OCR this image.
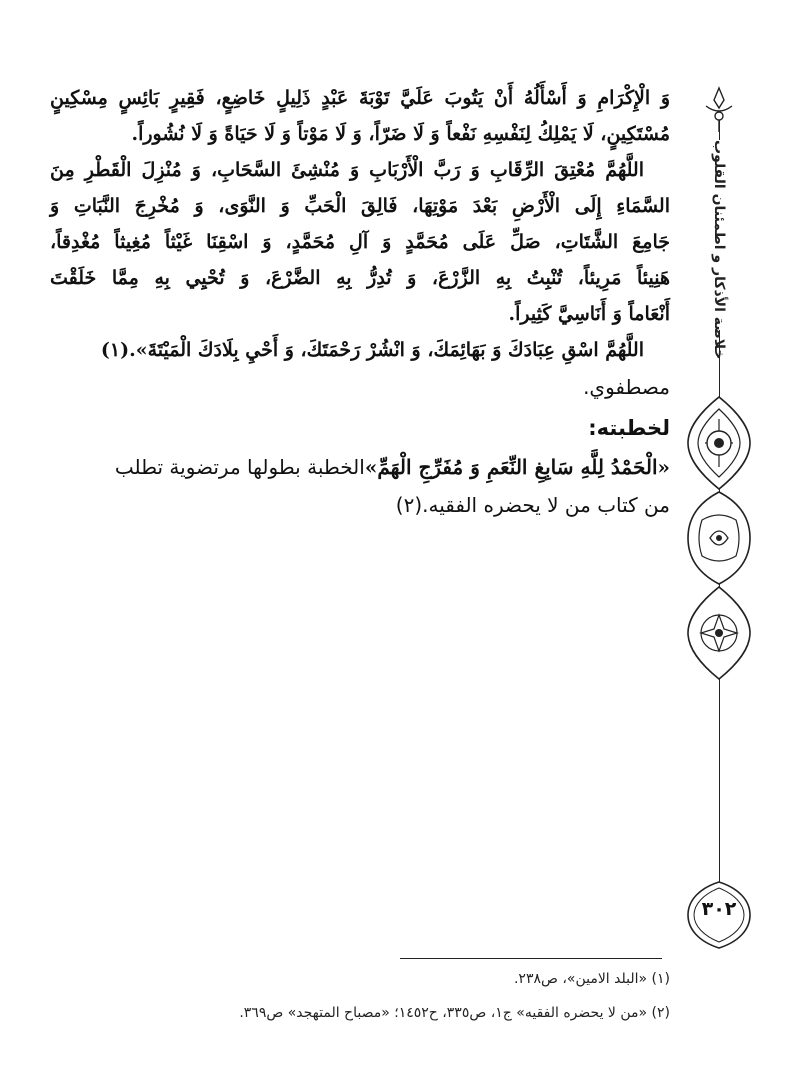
خلاصة الأذكار و اطمئنان القلوب
٣٠٢

وَ الْإِكْرَامِ وَ أَسْأَلُهُ أَنْ يَتُوبَ عَلَيَّ تَوْبَةَ عَبْدٍ ذَلِيلٍ خَاضِعٍ، فَقِيرٍ بَائِسٍ مِسْكِينٍ

مُسْتَكِينٍ، لَا يَمْلِكُ لِنَفْسِهِ نَفْعاً وَ لَا ضَرّاً، وَ لَا مَوْتاً وَ لَا حَيَاةً وَ لَا نُشُوراً.

اللَّهُمَّ مُعْتِقَ الرِّقَابِ وَ رَبَّ الْأَرْبَابِ وَ مُنْشِئَ السَّحَابِ، وَ مُنْزِلَ الْقَطْرِ مِنَ

السَّمَاءِ إِلَى الْأَرْضِ بَعْدَ مَوْتِهَا، فَالِقَ الْحَبِّ وَ النَّوَى، وَ مُخْرِجَ النَّبَاتِ وَ

جَامِعَ الشَّتَاتِ، صَلِّ عَلَى مُحَمَّدٍ وَ آلِ مُحَمَّدٍ، وَ اسْقِنَا غَيْثاً مُغِيثاً مُغْدِقاً،

هَنِيئاً مَرِيئاً، تُنْبِتُ بِهِ الزَّرْعَ، وَ تُدِرُّ بِهِ الضَّرْعَ، وَ تُحْيِي بِهِ مِمَّا خَلَقْتَ

أَنْعَاماً وَ أَنَاسِيَّ كَثِيراً.

اللَّهُمَّ اسْقِ عِبَادَكَ وَ بَهَائِمَكَ، وَ انْشُرْ رَحْمَتَكَ، وَ أَحْيِ بِلَادَكَ الْمَيْتَةَ».(١)

مصطفوي.

لخطبته:

«الْحَمْدُ لِلَّهِ سَابِغِ النِّعَمِ وَ مُفَرِّجِ الْهَمِّ»الخطبة بطولها مرتضوية تطلب

من كتاب من لا يحضره الفقيه.(٢)

(١) «البلد الامين»، ص٢٣٨.

(٢) «من لا يحضره الفقيه» ج١، ص٣٣٥، ح١٤٥٢؛ «مصباح المتهجد» ص٣٦٩.
